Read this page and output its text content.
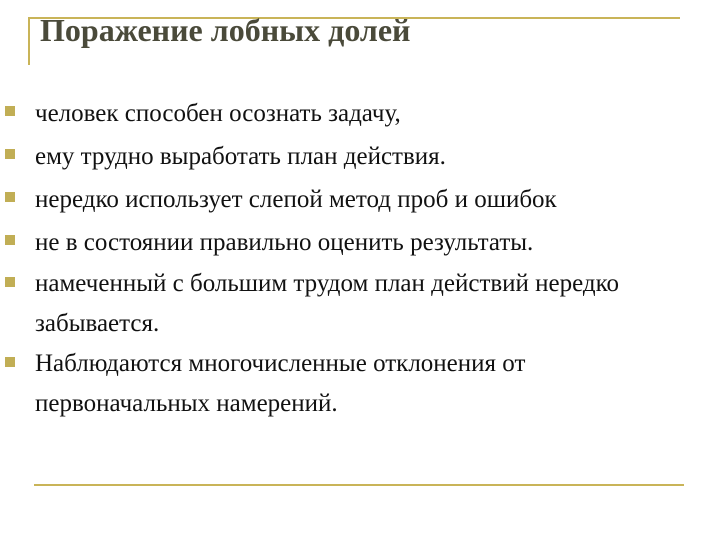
Поражение лобных долей
человек способен осознать задачу,
ему трудно выработать план действия.
нередко использует слепой метод проб и ошибок
не в состоянии правильно оценить результаты.
намеченный с большим трудом план действий нередко забывается.
Наблюдаются многочисленные отклонения от первоначальных намерений.
